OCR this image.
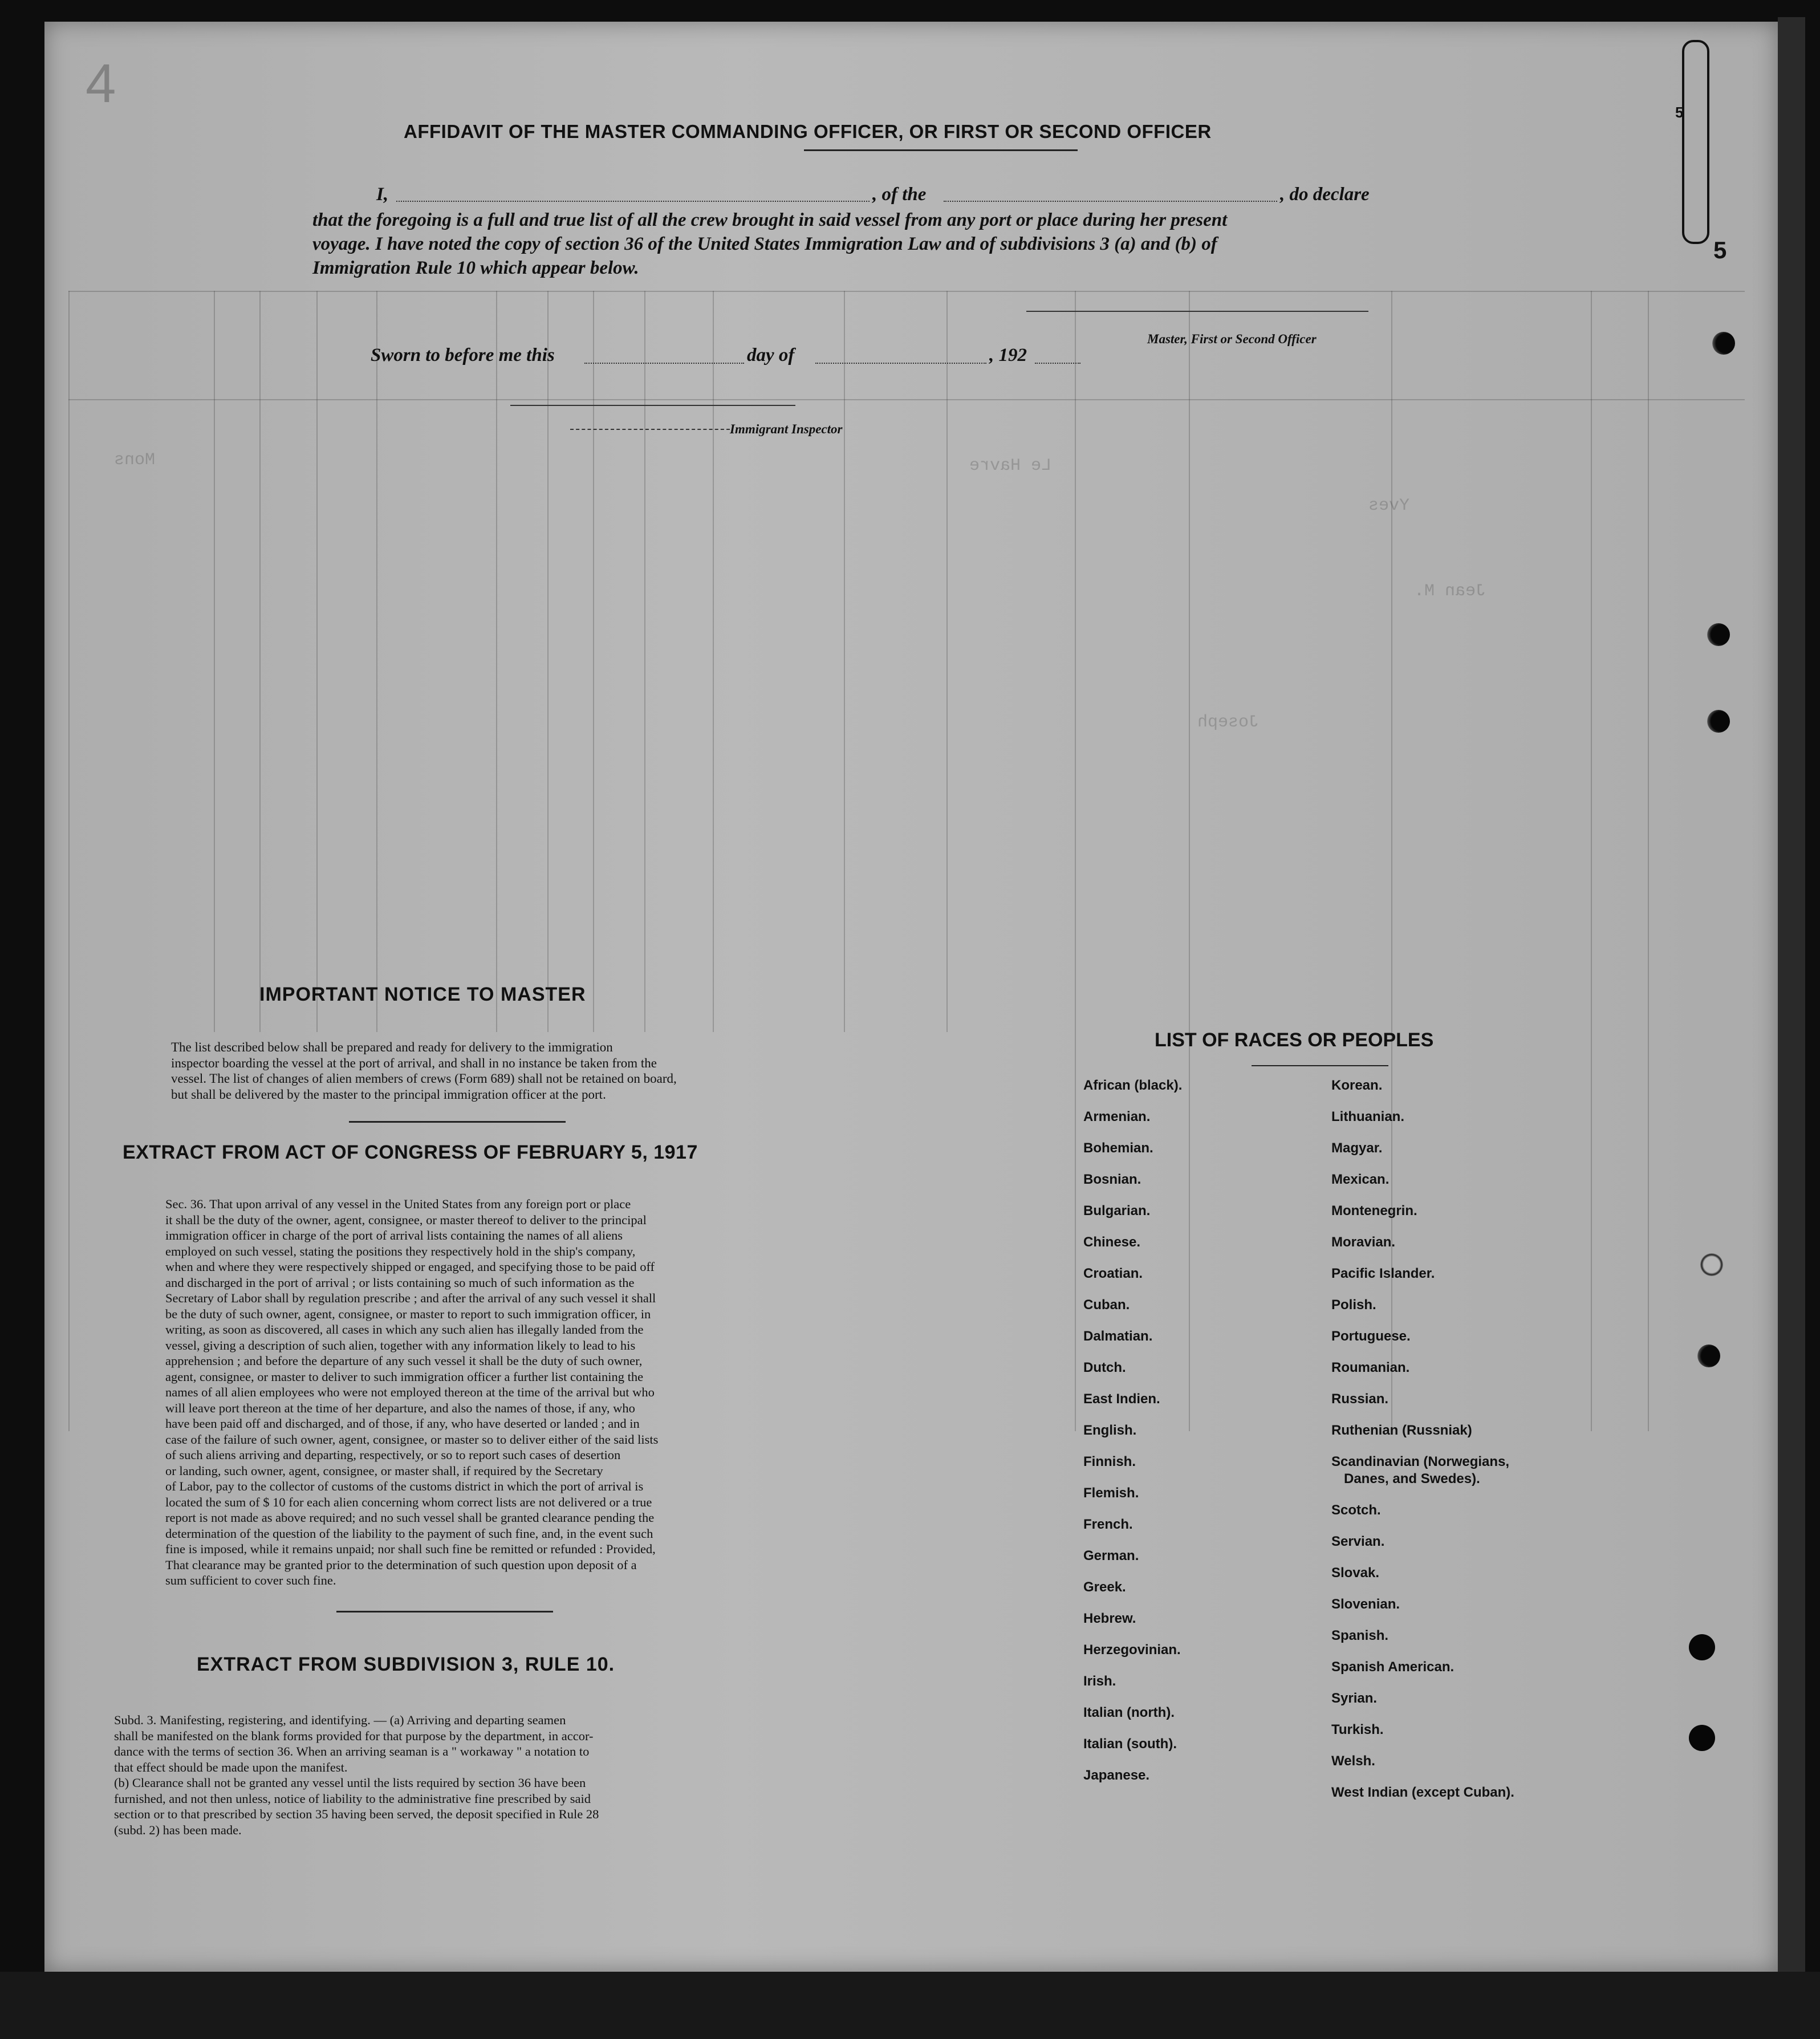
Yves
Jean M.
Joseph
Le Havre
Mons
5
5
4
AFFIDAVIT OF THE MASTER COMMANDING OFFICER, OR FIRST OR SECOND OFFICER
I,	, of the	, do declare
that the foregoing is a full and true list of all the crew brought in said vessel from any port or place during her present
voyage. I have noted the copy of section 36 of the United States Immigration Law and of subdivisions 3 (a) and (b) of
Immigration Rule 10 which appear below.
Master, First or Second Officer
Sworn to before me this	day of	, 192
Immigrant Inspector
IMPORTANT NOTICE TO MASTER
The list described below shall be prepared and ready for delivery to the immigration
inspector boarding the vessel at the port of arrival, and shall in no instance be taken from the
vessel. The list of changes of alien members of crews (Form 689) shall not be retained on board,
but shall be delivered by the master to the principal immigration officer at the port.
EXTRACT FROM ACT OF CONGRESS OF FEBRUARY 5, 1917
Sec. 36. That upon arrival of any vessel in the United States from any foreign port or place
it shall be the duty of the owner, agent, consignee, or master thereof to deliver to the principal
immigration officer in charge of the port of arrival lists containing the names of all aliens
employed on such vessel, stating the positions they respectively hold in the ship's company,
when and where they were respectively shipped or engaged, and specifying those to be paid off
and discharged in the port of arrival ; or lists containing so much of such information as the
Secretary of Labor shall by regulation prescribe ; and after the arrival of any such vessel it shall
be the duty of such owner, agent, consignee, or master to report to such immigration officer, in
writing, as soon as discovered, all cases in which any such alien has illegally landed from the
vessel, giving a description of such alien, together with any information likely to lead to his
apprehension ; and before the departure of any such vessel it shall be the duty of such owner,
agent, consignee, or master to deliver to such immigration officer a further list containing the
names of all alien employees who were not employed thereon at the time of the arrival but who
will leave port thereon at the time of her departure, and also the names of those, if any, who
have been paid off and discharged, and of those, if any, who have deserted or landed ; and in
case of the failure of such owner, agent, consignee, or master so to deliver either of the said lists
of such aliens arriving and departing, respectively, or so to report such cases of desertion
or landing, such owner, agent, consignee, or master shall, if required by the Secretary
of Labor, pay to the collector of customs of the customs district in which the port of arrival is
located the sum of $ 10 for each alien concerning whom correct lists are not delivered or a true
report is not made as above required; and no such vessel shall be granted clearance pending the
determination of the question of the liability to the payment of such fine, and, in the event such
fine is imposed, while it remains unpaid; nor shall such fine be remitted or refunded : Provided,
That clearance may be granted prior to the determination of such question upon deposit of a
sum sufficient to cover such fine.
EXTRACT FROM SUBDIVISION 3, RULE 10.
Subd. 3. Manifesting, registering, and identifying. — (a) Arriving and departing seamen
shall be manifested on the blank forms provided for that purpose by the department, in accor-
dance with the terms of section 36. When an arriving seaman is a " workaway " a notation to
that effect should be made upon the manifest.
(b) Clearance shall not be granted any vessel until the lists required by section 36 have been
furnished, and not then unless, notice of liability to the administrative fine prescribed by said
section or to that prescribed by section 35 having been served, the deposit specified in Rule 28
(subd. 2) has been made.
LIST OF RACES OR PEOPLES
African (black).
Armenian.
Bohemian.
Bosnian.
Bulgarian.
Chinese.
Croatian.
Cuban.
Dalmatian.
Dutch.
East Indien.
English.
Finnish.
Flemish.
French.
German.
Greek.
Hebrew.
Herzegovinian.
Irish.
Italian (north).
Italian (south).
Japanese.
Korean.
Lithuanian.
Magyar.
Mexican.
Montenegrin.
Moravian.
Pacific Islander.
Polish.
Portuguese.
Roumanian.
Russian.
Ruthenian (Russniak)
Scandinavian (Norwegians,
Danes, and Swedes).
Scotch.
Servian.
Slovak.
Slovenian.
Spanish.
Spanish American.
Syrian.
Turkish.
Welsh.
West Indian (except Cuban).
